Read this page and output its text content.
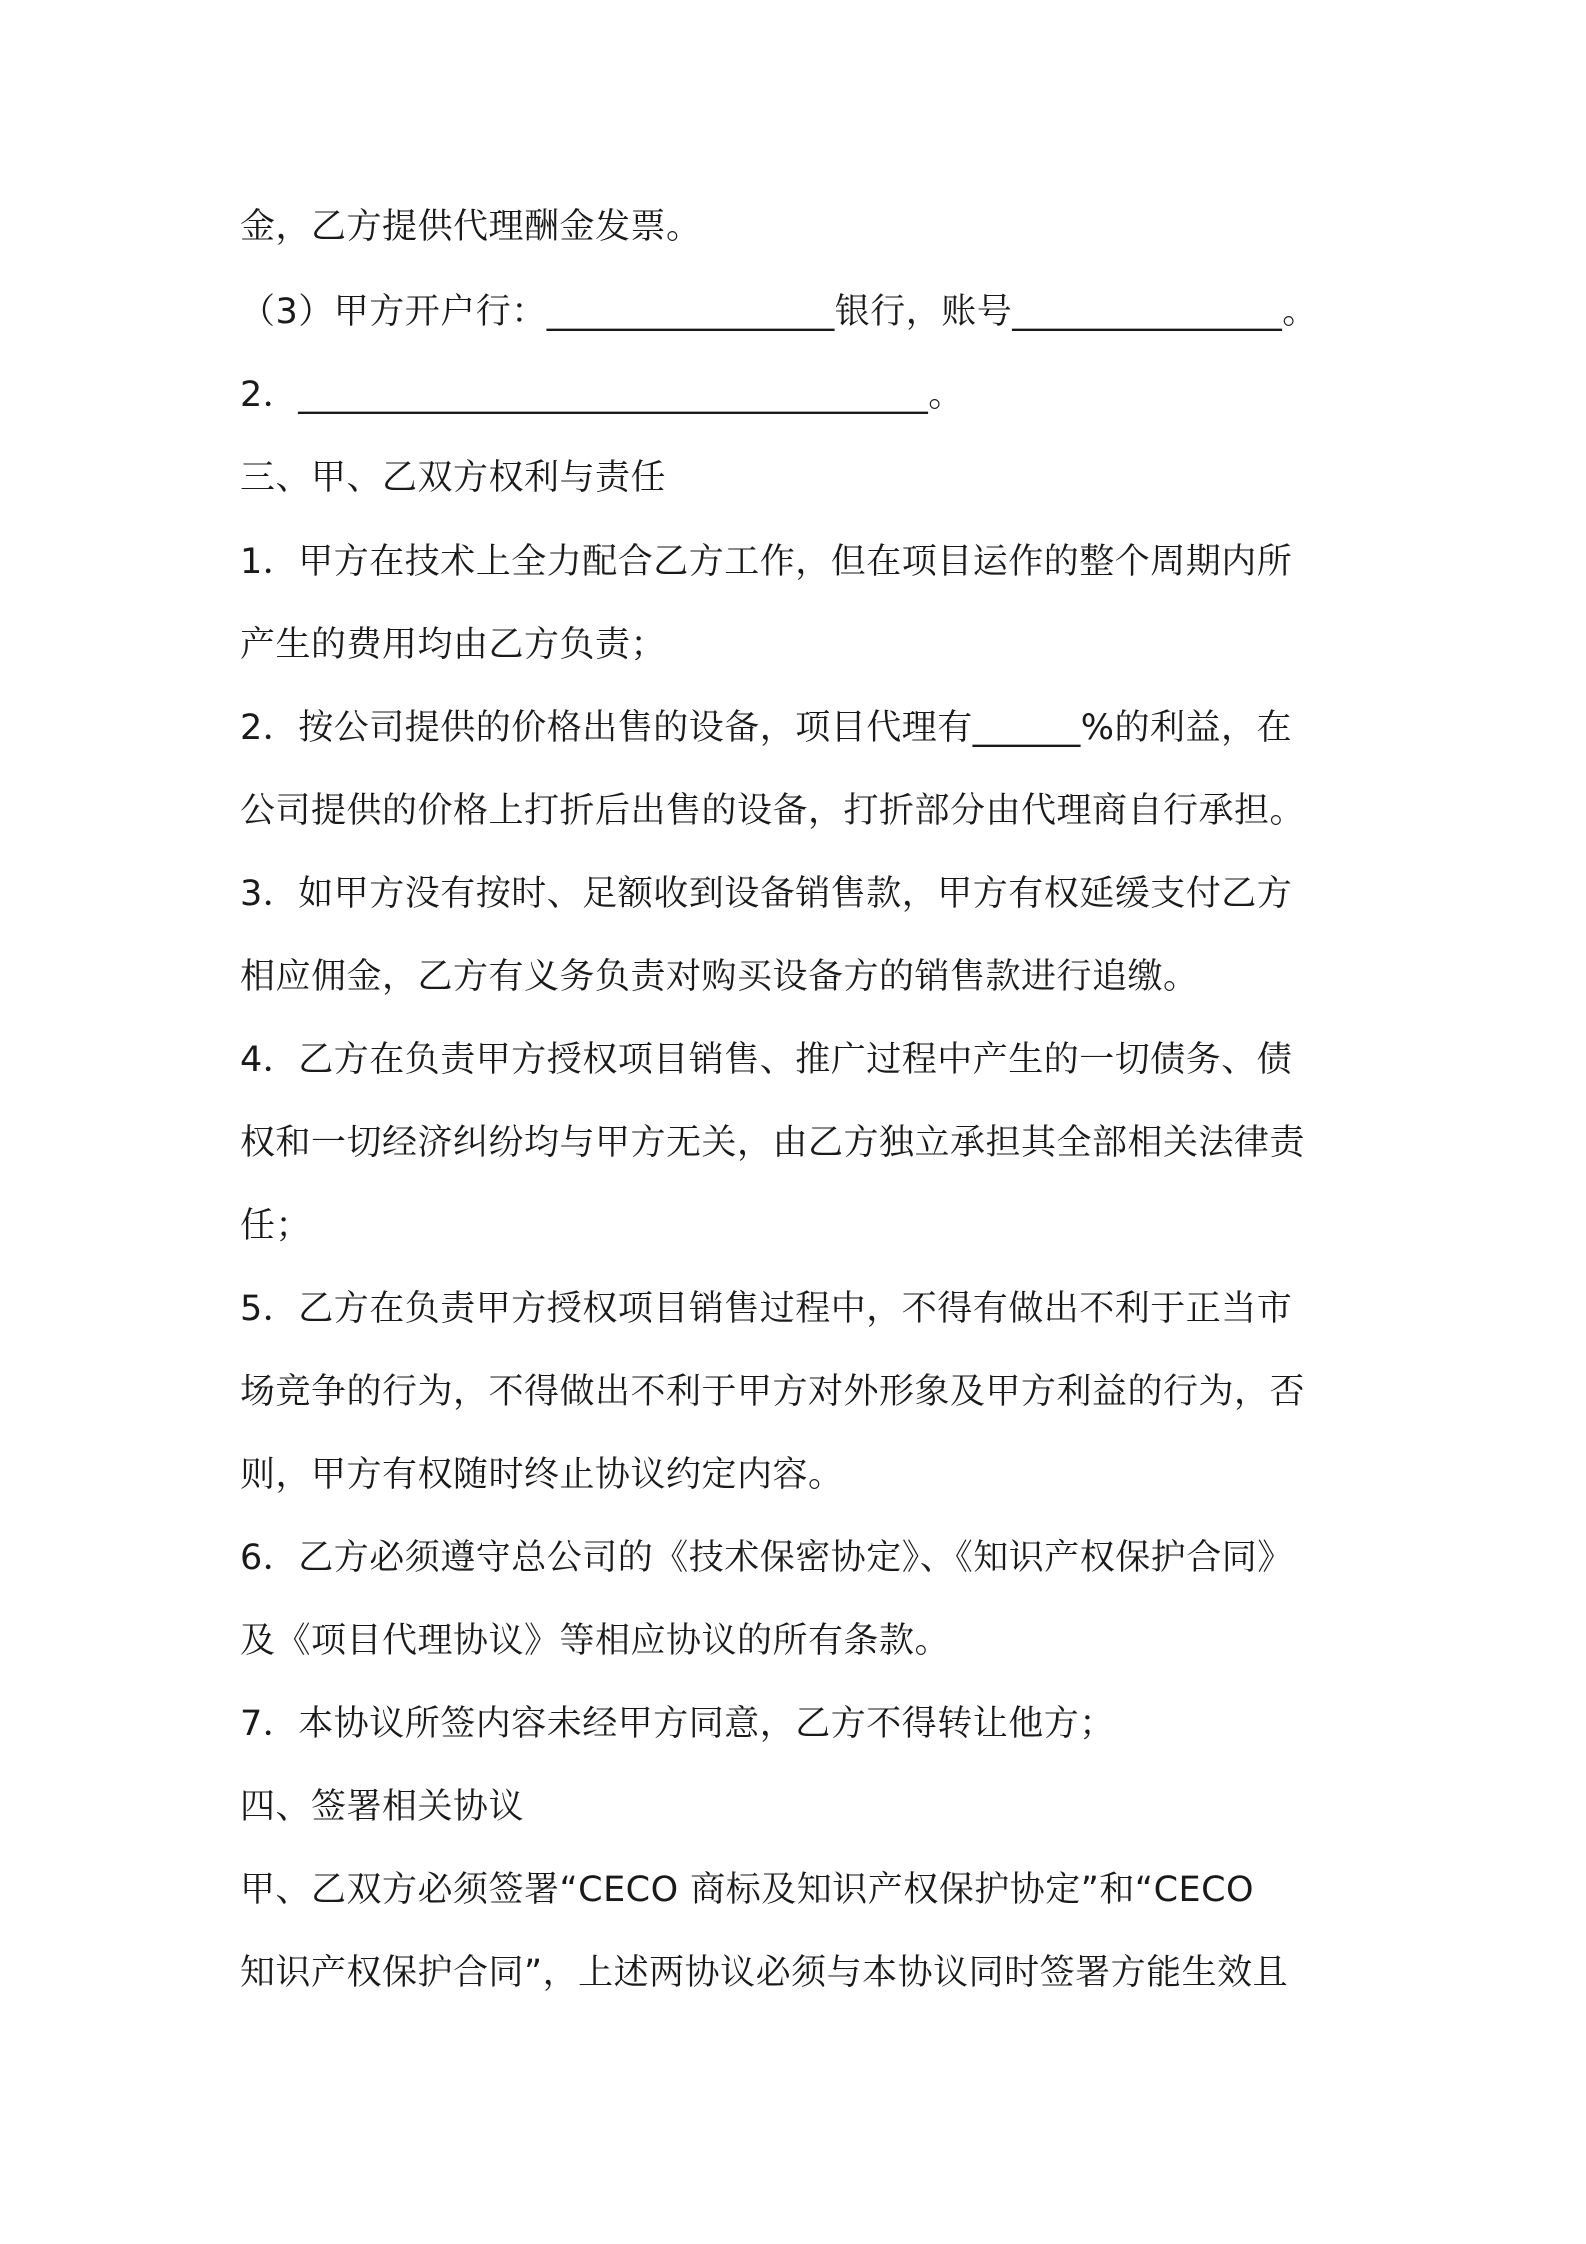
金，乙方提供代理酬金发票。
（3）甲方开户行：________________银行，账号_______________。
2．___________________________________。
三、甲、乙双方权利与责任
1．甲方在技术上全力配合乙方工作，但在项目运作的整个周期内所
产生的费用均由乙方负责；
2．按公司提供的价格出售的设备，项目代理有______%的利益，在
公司提供的价格上打折后出售的设备，打折部分由代理商自行承担。
3．如甲方没有按时、足额收到设备销售款，甲方有权延缓支付乙方
相应佣金，乙方有义务负责对购买设备方的销售款进行追缴。
4．乙方在负责甲方授权项目销售、推广过程中产生的一切债务、债
权和一切经济纠纷均与甲方无关，由乙方独立承担其全部相关法律责
任；
5．乙方在负责甲方授权项目销售过程中，不得有做出不利于正当市
场竞争的行为，不得做出不利于甲方对外形象及甲方利益的行为，否
则，甲方有权随时终止协议约定内容。
6．乙方必须遵守总公司的《技术保密协定》、《知识产权保护合同》
及《项目代理协议》等相应协议的所有条款。
7．本协议所签内容未经甲方同意，乙方不得转让他方；
四、签署相关协议
甲、乙双方必须签署“CECO 商标及知识产权保护协定”和“CECO
知识产权保护合同”，上述两协议必须与本协议同时签署方能生效且
